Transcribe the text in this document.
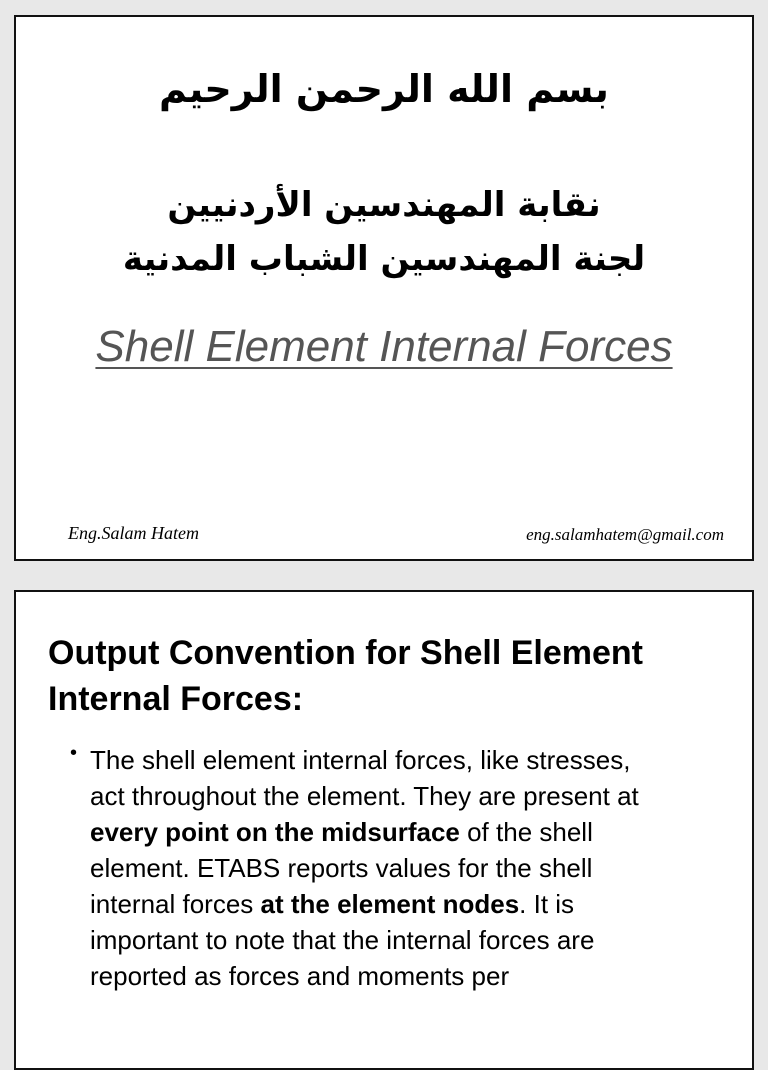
بسم الله الرحمن الرحيم
نقابة المهندسين الأردنيين
لجنة المهندسين الشباب المدنية
Shell Element Internal Forces
Eng.Salam Hatem	eng.salamhatem@gmail.com
Output Convention for Shell Element Internal Forces:
• The shell element internal forces, like stresses, act throughout the element. They are present at every point on the midsurface of the shell element. ETABS reports values for the shell internal forces at the element nodes. It is important to note that the internal forces are reported as forces and moments per
